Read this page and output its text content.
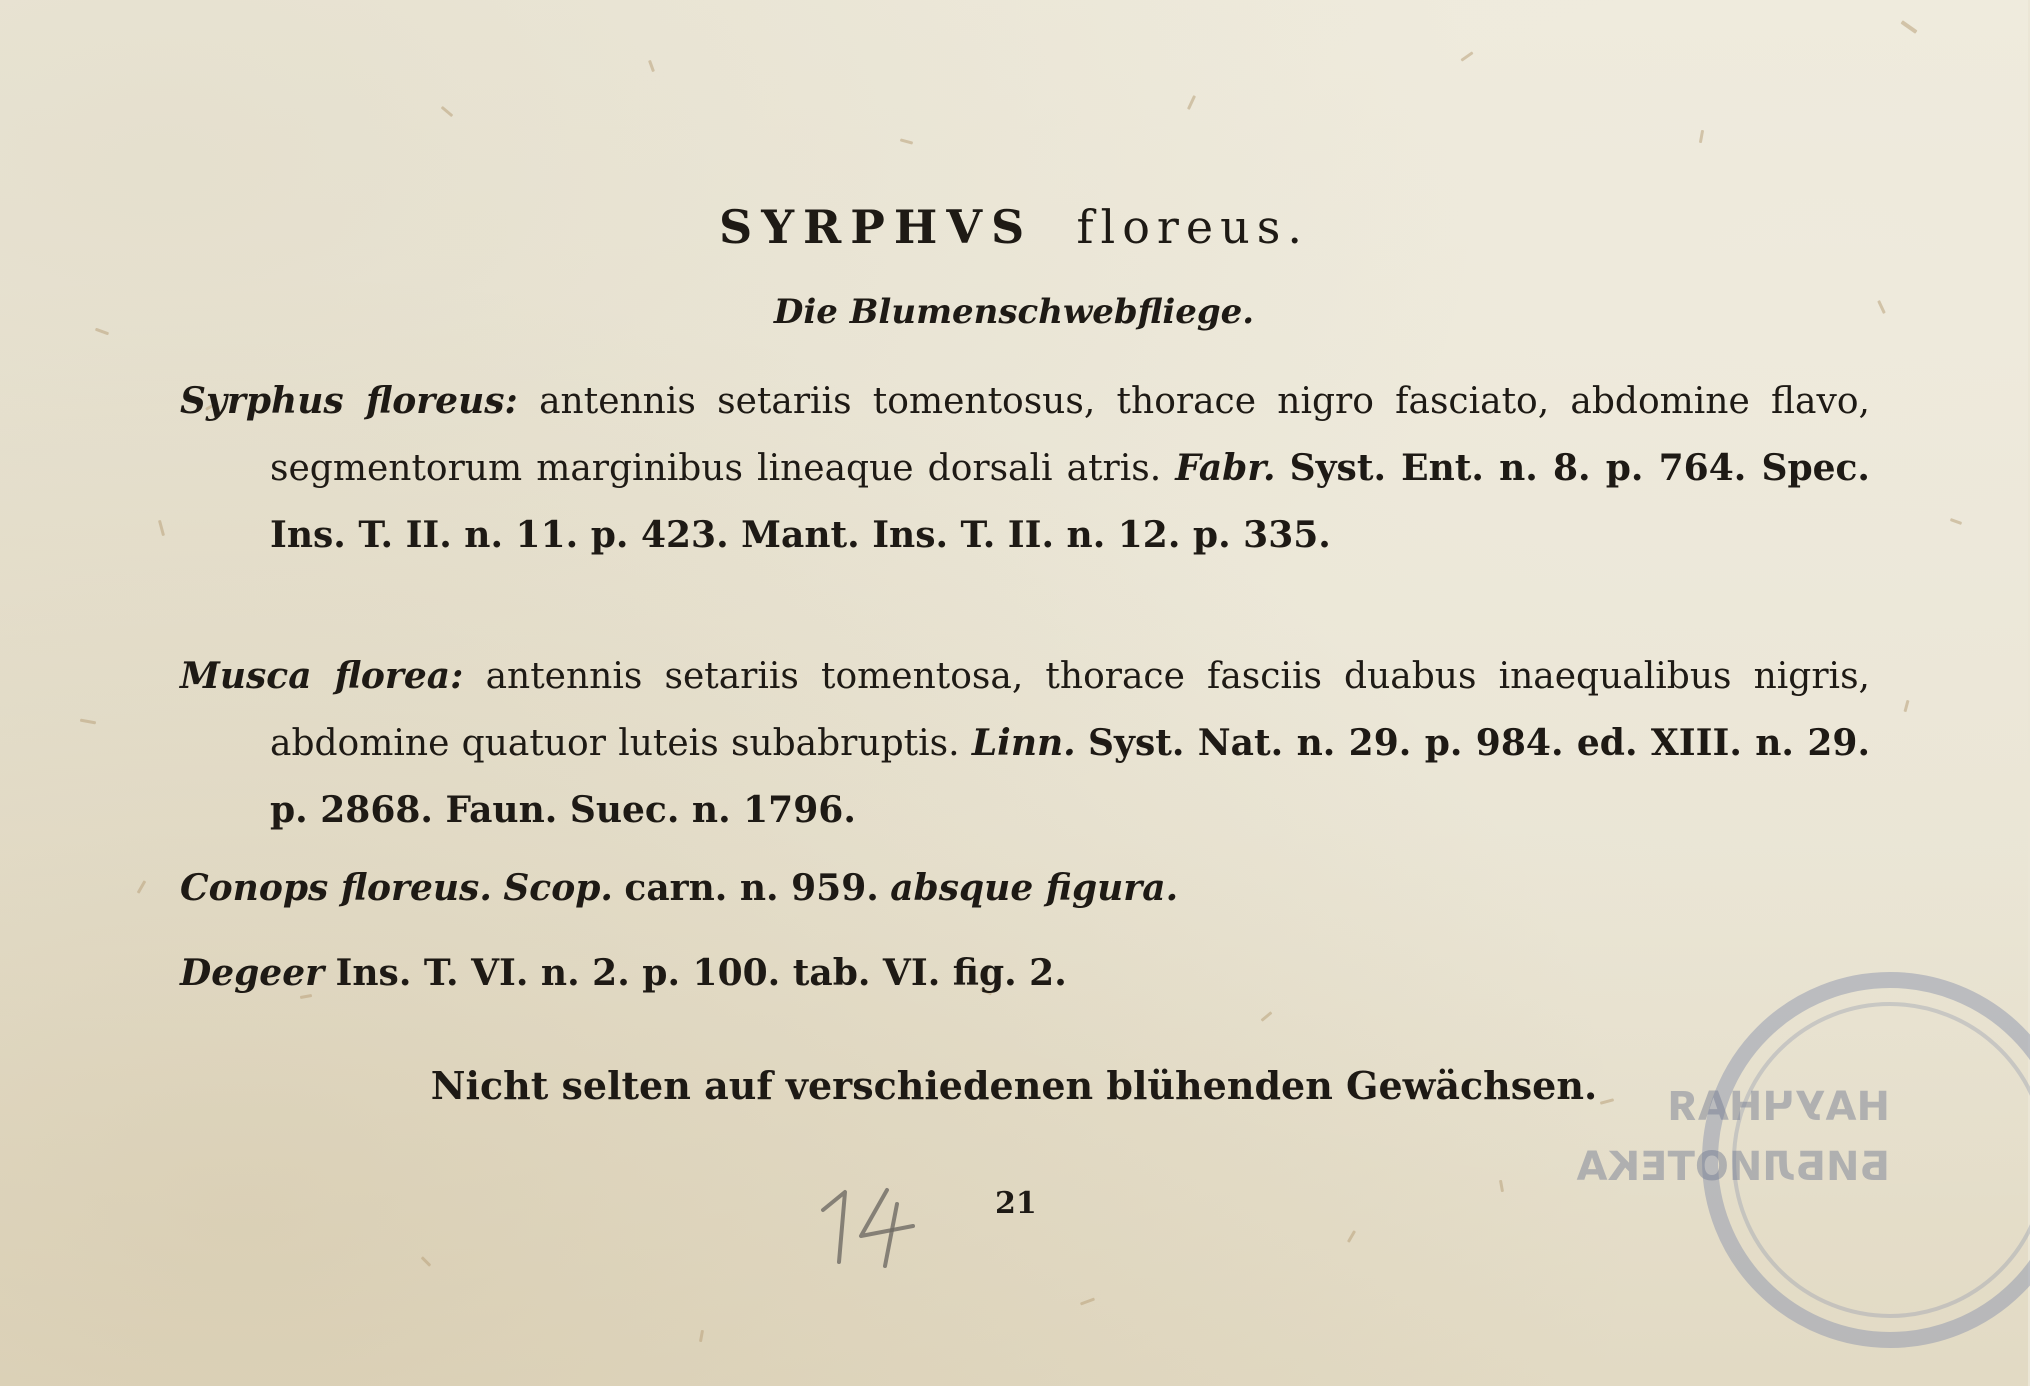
SYRPHVS floreus.

Die Blumenschwebfliege.

Syrphus floreus: antennis setariis tomentosus, thorace nigro fasciato, abdomine flavo, segmentorum marginibus lineaque dorsali atris. Fabr. Syst. Ent. n. 8. p. 764. Spec. Ins. T. II. n. 11. p. 423. Mant. Ins. T. II. n. 12. p. 335.

Musca florea: antennis setariis tomentosa, thorace fasciis duabus inaequalibus nigris, abdomine quatuor luteis subabruptis. Linn. Syst. Nat. n. 29. p. 984. ed. XIII. n. 29. p. 2868. Faun. Suec. n. 1796.

Conops floreus. Scop. carn. n. 959. absque figura.

Degeer Ins. T. VI. n. 2. p. 100. tab. VI. fig. 2.

Nicht selten auf verschiedenen blühenden Gewächsen.

21
НАУЧНАЯ
БИБЛИОТЕКА
